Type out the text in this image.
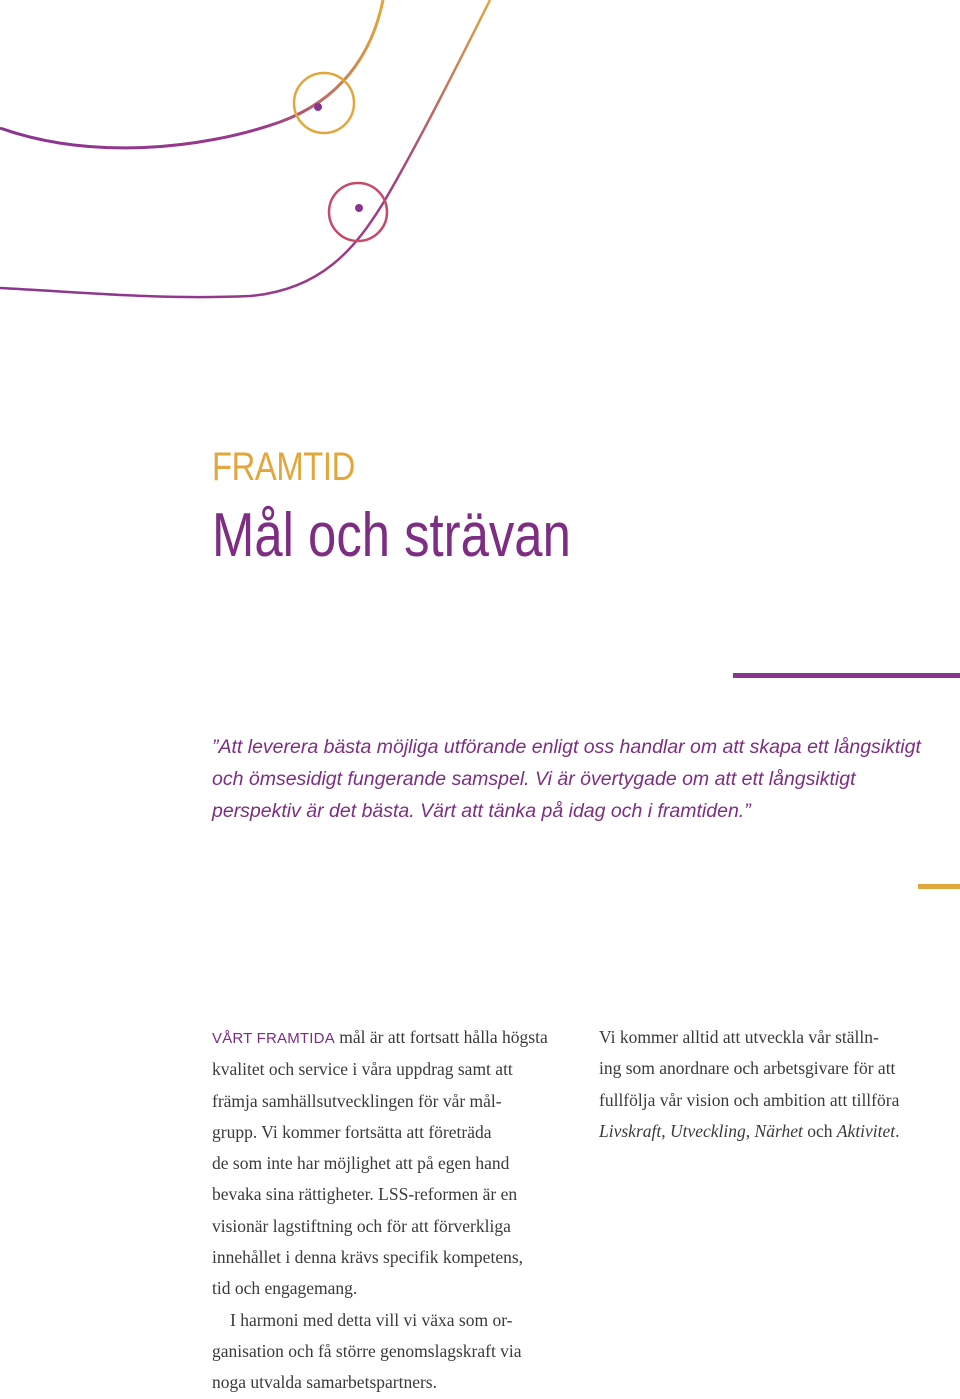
FRAMTID
Mål och strävan

”Att leverera bästa möjliga utförande enligt oss handlar om att skapa ett långsiktigt
och ömsesidigt fungerande samspel. Vi är övertygade om att ett långsiktigt
perspektiv är det bästa. Värt att tänka på idag och i framtiden.”

VÅRT FRAMTIDA mål är att fortsatt hålla högsta
kvalitet och service i våra uppdrag samt att
främja samhällsutvecklingen för vår mål-
grupp. Vi kommer fortsätta att företräda
de som inte har möjlighet att på egen hand
bevaka sina rättigheter. LSS-reformen är en
visionär lagstiftning och för att förverkliga
innehållet i denna krävs specifik kompetens,
tid och engagemang.

I harmoni med detta vill vi växa som or-
ganisation och få större genomslagskraft via
noga utvalda samarbetspartners.

Vi kommer alltid att utveckla vår ställn-
ing som anordnare och arbetsgivare för att
fullfölja vår vision och ambition att tillföra
Livskraft, Utveckling, Närhet och Aktivitet.
